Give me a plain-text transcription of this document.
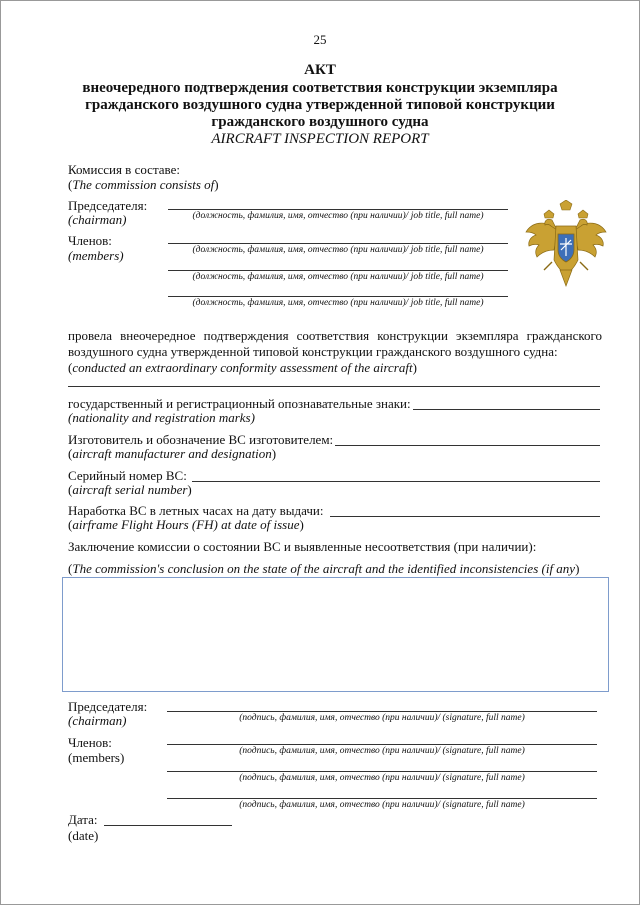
25
АКТ
внеочередного подтверждения соответствия конструкции экземпляра
гражданского воздушного судна утвержденной типовой конструкции
гражданского воздушного судна
AIRCRAFT INSPECTION REPORT
Комиссия в составе:
(The commission consists of)
Председателя:
(chairman)	(должность, фамилия, имя, отчество (при наличии)/ job title, full name)
Членов:
(members)	(должность, фамилия, имя, отчество (при наличии)/ job title, full name)
(должность, фамилия, имя, отчество (при наличии)/ job title, full name)
(должность, фамилия, имя, отчество (при наличии)/ job title, full name)
провела внеочередное подтверждения соответствия конструкции экземпляра гражданского
воздушного судна утвержденной типовой конструкции гражданского воздушного судна:
(conducted an extraordinary conformity assessment of the aircraft)
государственный и регистрационный опознавательные знаки:
(nationality and registration marks)
Изготовитель и обозначение ВС изготовителем:
(aircraft manufacturer and designation)
Серийный номер ВС:
(aircraft serial number)
Наработка ВС в летных часах на дату выдачи:
(airframe Flight Hours (FH) at date of issue)
Заключение комиссии о состоянии ВС и выявленные несоответствия (при наличии):
(The commission's conclusion on the state of the aircraft and the identified inconsistencies (if any)
Председателя:
(chairman)	(подпись, фамилия, имя, отчество (при наличии)/ (signature, full name)
Членов:
(members)	(подпись, фамилия, имя, отчество (при наличии)/ (signature, full name)
(подпись, фамилия, имя, отчество (при наличии)/ (signature, full name)
(подпись, фамилия, имя, отчество (при наличии)/ (signature, full name)
Дата:
(date)
